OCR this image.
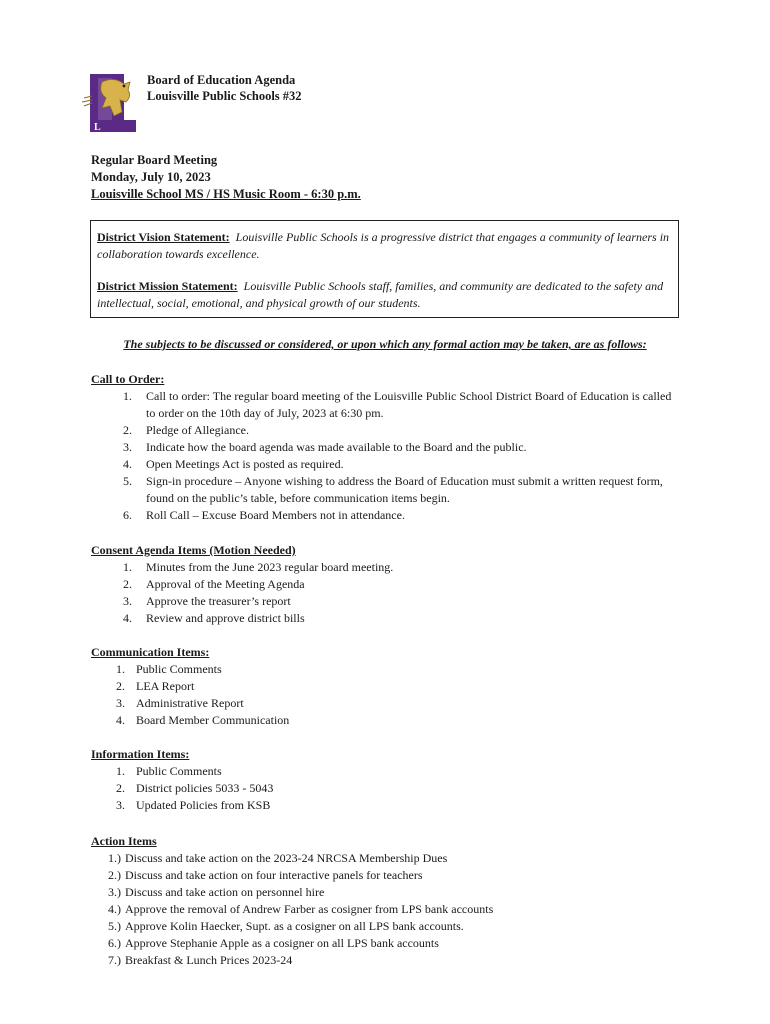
L
Board of Education Agenda
Louisville Public Schools #32
Regular Board Meeting
Monday, July 10, 2023
Louisville School MS / HS Music Room - 6:30 p.m.

District Vision Statement: Louisville Public Schools is a progressive district that engages a community of learners in collaboration towards excellence.

District Mission Statement: Louisville Public Schools staff, families, and community are dedicated to the safety and intellectual, social, emotional, and physical growth of our students.

The subjects to be discussed or considered, or upon which any formal action may be taken, are as follows:
Call to Order:
1.	Call to order: The regular board meeting of the Louisville Public School District Board of Education is called to order on the 10th day of July, 2023 at 6:30 pm.
2.	Pledge of Allegiance.
3.	Indicate how the board agenda was made available to the Board and the public.
4.	Open Meetings Act is posted as required.
5.	Sign-in procedure – Anyone wishing to address the Board of Education must submit a written request form, found on the public’s table, before communication items begin.
6.	Roll Call – Excuse Board Members not in attendance.
Consent Agenda Items (Motion Needed)
1.	Minutes from the June 2023 regular board meeting.
2.	Approval of the Meeting Agenda
3.	Approve the treasurer’s report
4.	Review and approve district bills
Communication Items:
1. Public Comments
2. LEA Report
3. Administrative Report
4. Board Member Communication
Information Items:
1. Public Comments
2. District policies 5033 - 5043
3. Updated Policies from KSB
Action Items
1.) Discuss and take action on the 2023-24 NRCSA Membership Dues
2.) Discuss and take action on four interactive panels for teachers
3.) Discuss and take action on personnel hire
4.) Approve the removal of Andrew Farber as cosigner from LPS bank accounts
5.) Approve Kolin Haecker, Supt. as a cosigner on all LPS bank accounts.
6.) Approve Stephanie Apple as a cosigner on all LPS bank accounts
7.) Breakfast & Lunch Prices 2023-24
